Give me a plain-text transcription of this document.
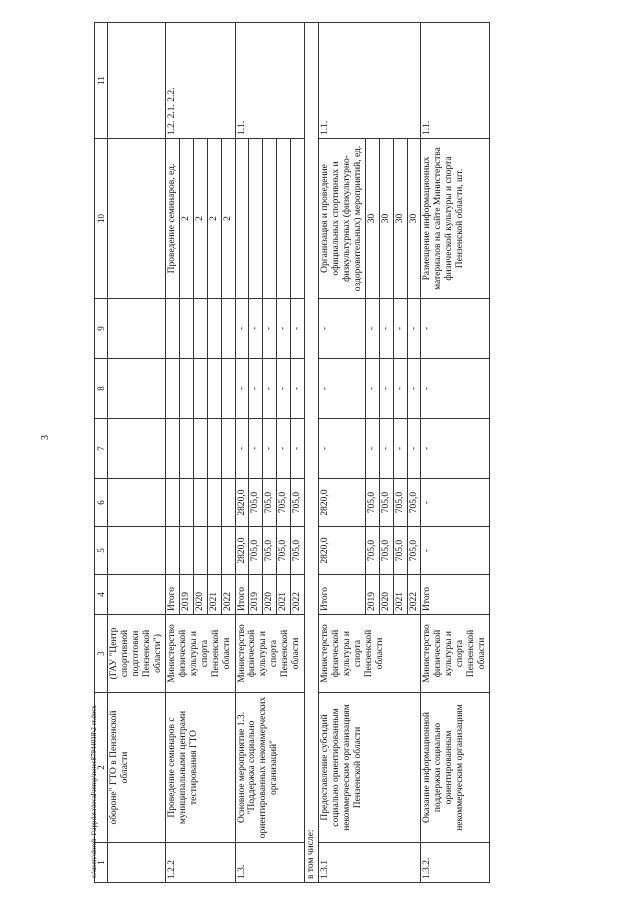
3
1	2	3	4	5	6	7	8	9	10	11
	обороне" ГТО в Пензенской области	(ГАУ "Центр спортивной подготовки Пензенской области")								
1.2.2	Проведение семинаров с муниципальными центрами тестирования ГТО	Министерство физической культуры и спорта Пензенской области	Итого						Проведение семинаров, ед.	1.2. 2.1. 2.2.
			2019						2	
			2020						2	
			2021						2	
			2022						2	
1.3.	Основное мероприятие 1.3. "Поддержка социально ориентированных некоммерческих организаций"	Министерство физической культуры и спорта Пензенской области	Итого	2820,0	2820,0	-	-	-		1.1.
			2019	705,0	705,0	-	-	-		
			2020	705,0	705,0	-	-	-		
			2021	705,0	705,0	-	-	-		
			2022	705,0	705,0	-	-	-		
в том числе:										
1.3.1	Предоставление субсидий социально ориентированным некоммерческим организациям Пензенской области	Министерство физической культуры и спорта Пензенской области	Итого	2820,0	2820,0	-	-	-	Организация и проведение официальных спортивных и физкультурных (физкультурно-оздоровительных) мероприятий, ед.	1.1.
			2019	705,0	705,0	-	-	-	30	
			2020	705,0	705,0	-	-	-	30	
			2021	705,0	705,0	-	-	-	30	
			2022	705,0	705,0	-	-	-	30	
1.3.2.	Оказание информационной поддержки социально ориентированным некоммерческим организациям	Министерство физической культуры и спорта Пензенской области	Итого	-	-	-	-	-	Размещение информационных материалов на сайте Министерства физической культуры и спорта Пензенской области, шт.	1.1.
c:\users\dorob-1\appdata\local\temp\notes87944018\2-rr.docx
